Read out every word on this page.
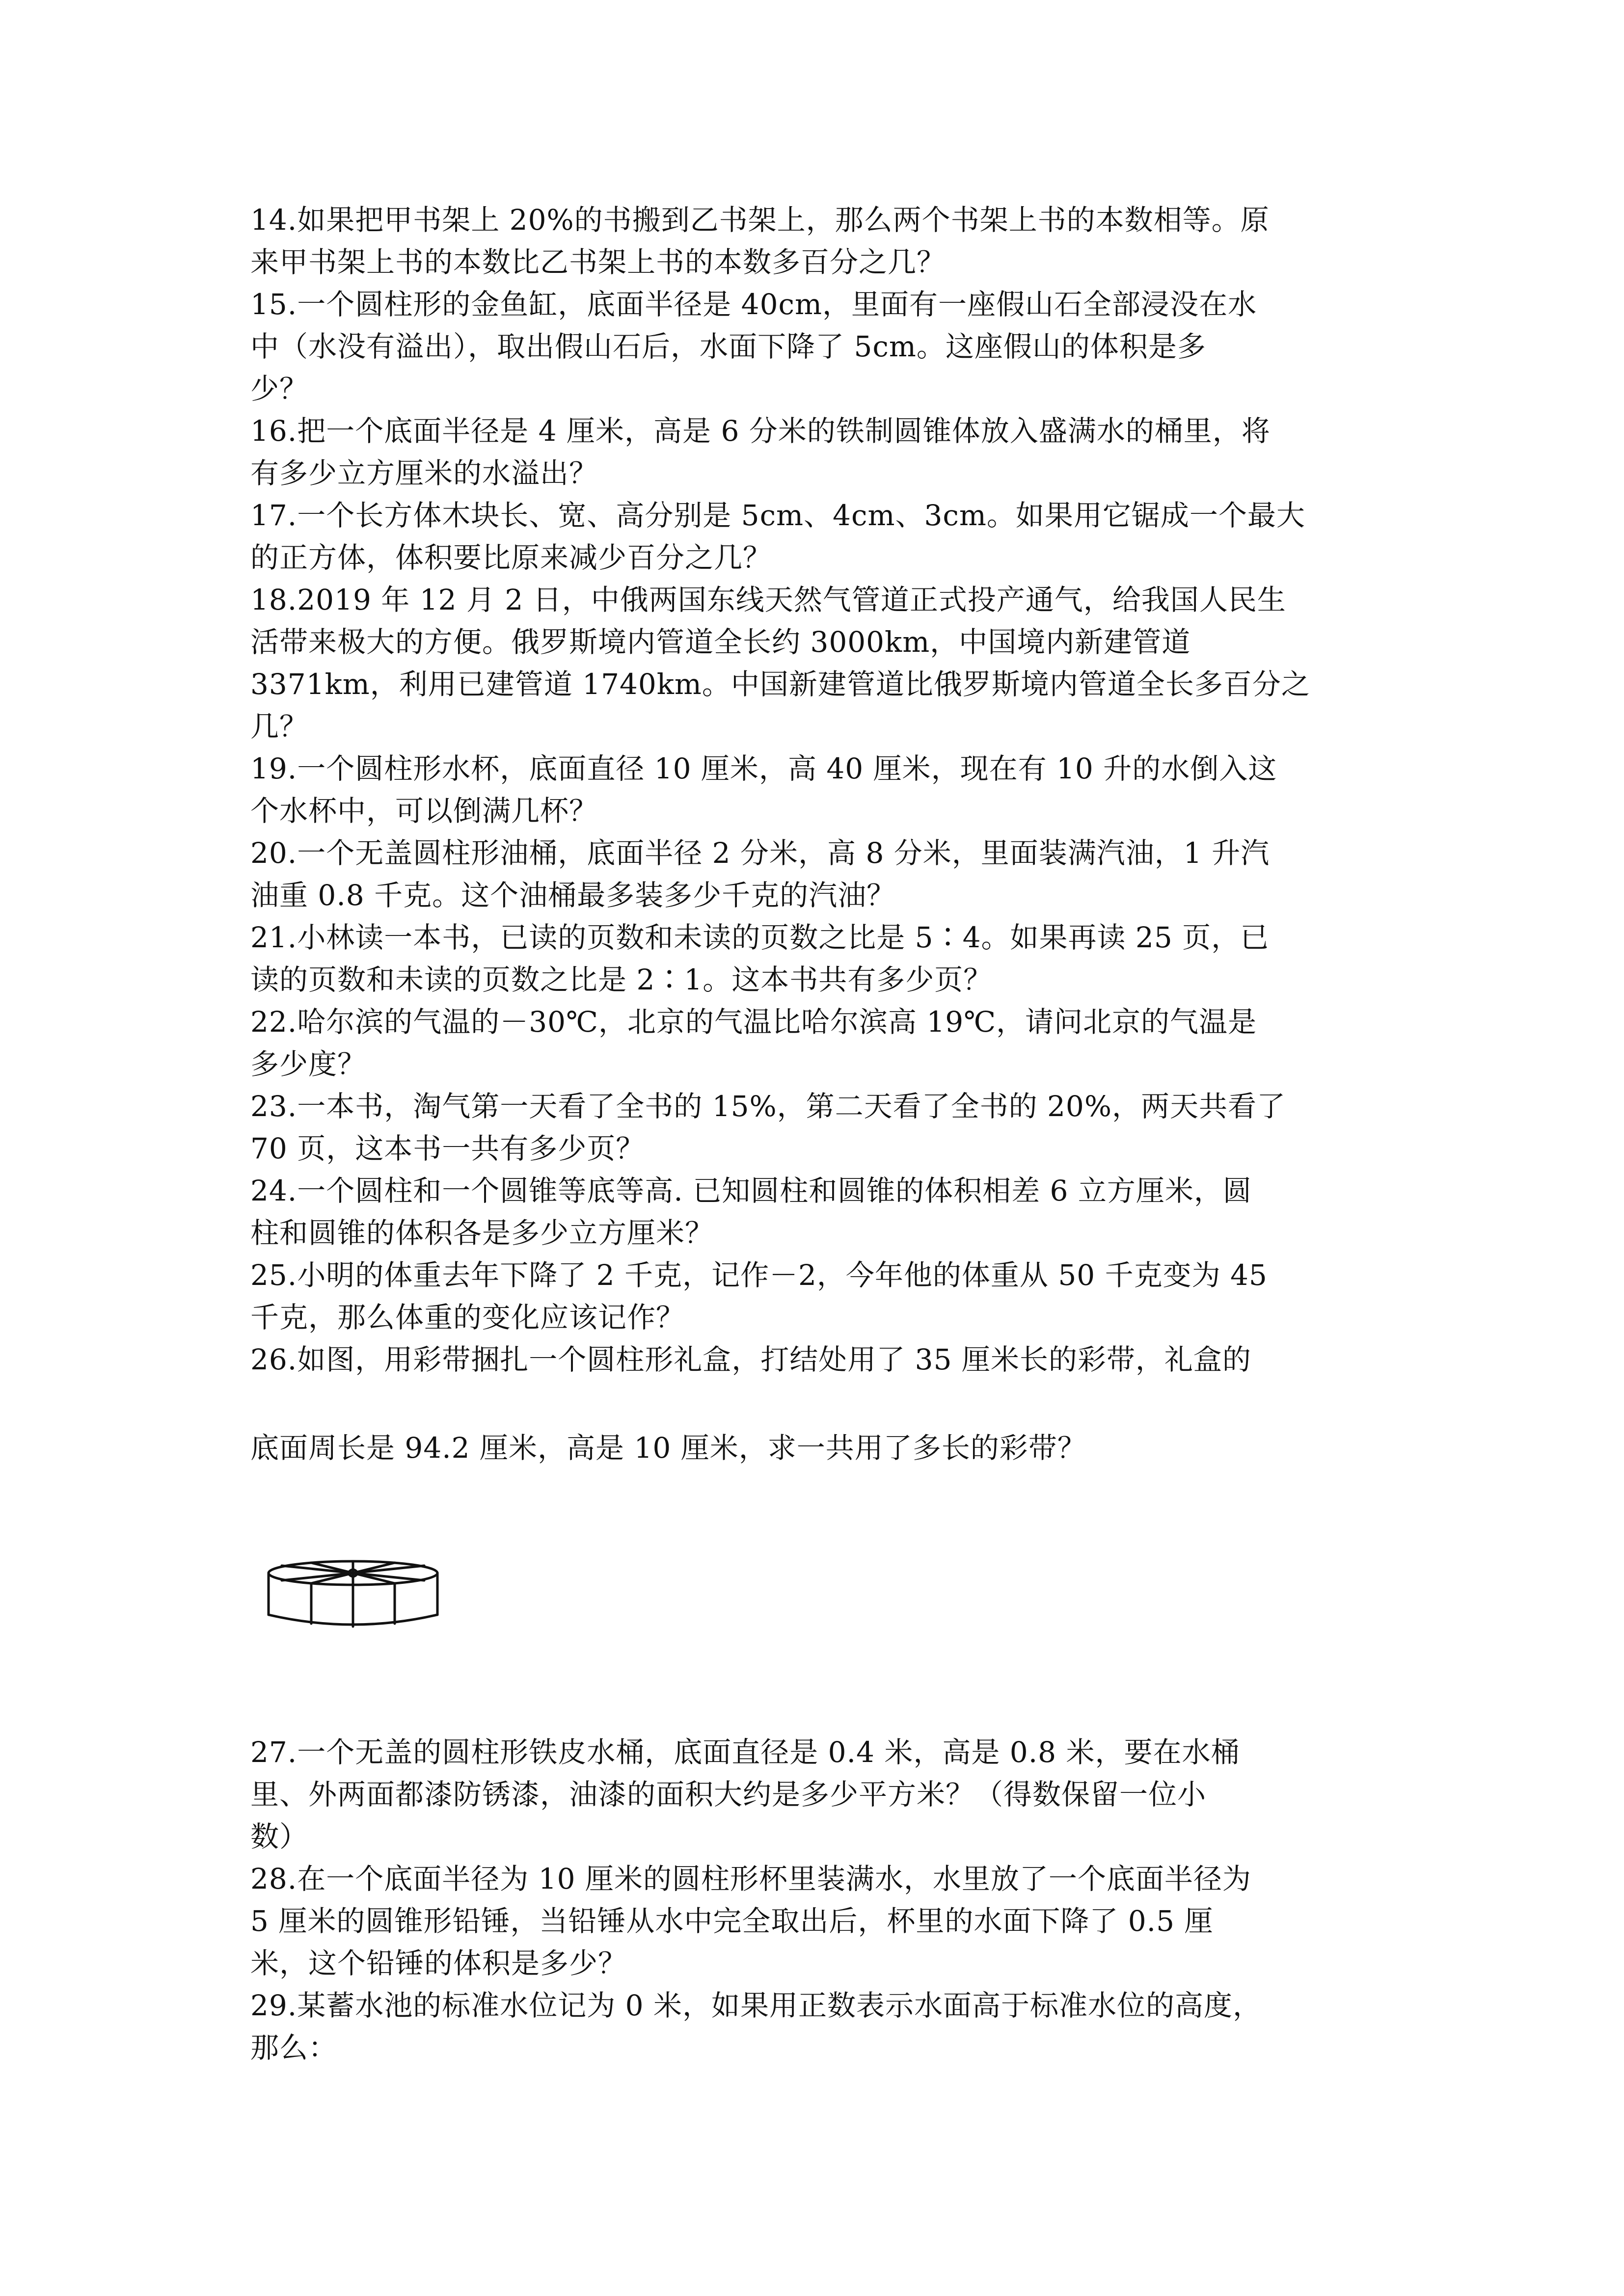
14.如果把甲书架上 20%的书搬到乙书架上，那么两个书架上书的本数相等。原
来甲书架上书的本数比乙书架上书的本数多百分之几？
15.一个圆柱形的金鱼缸，底面半径是 40cm，里面有一座假山石全部浸没在水
中（水没有溢出），取出假山石后，水面下降了 5cm。这座假山的体积是多
少？
16.把一个底面半径是 4 厘米，高是 6 分米的铁制圆锥体放入盛满水的桶里，将
有多少立方厘米的水溢出？
17.一个长方体木块长、宽、高分别是 5cm、4cm、3cm。如果用它锯成一个最大
的正方体，体积要比原来减少百分之几？
18.2019 年 12 月 2 日，中俄两国东线天然气管道正式投产通气，给我国人民生
活带来极大的方便。俄罗斯境内管道全长约 3000km，中国境内新建管道
3371km，利用已建管道 1740km。中国新建管道比俄罗斯境内管道全长多百分之
几？
19.一个圆柱形水杯，底面直径 10 厘米，高 40 厘米，现在有 10 升的水倒入这
个水杯中，可以倒满几杯？
20.一个无盖圆柱形油桶，底面半径 2 分米，高 8 分米，里面装满汽油，1 升汽
油重 0.8 千克。这个油桶最多装多少千克的汽油？
21.小林读一本书，已读的页数和未读的页数之比是 5∶4。如果再读 25 页，已
读的页数和未读的页数之比是 2∶1。这本书共有多少页？
22.哈尔滨的气温的－30℃，北京的气温比哈尔滨高 19℃，请问北京的气温是
多少度？
23.一本书，淘气第一天看了全书的 15%，第二天看了全书的 20%，两天共看了
70 页，这本书一共有多少页？
24.一个圆柱和一个圆锥等底等高. 已知圆柱和圆锥的体积相差 6 立方厘米，圆
柱和圆锥的体积各是多少立方厘米？
25.小明的体重去年下降了 2 千克，记作－2，今年他的体重从 50 千克变为 45
千克，那么体重的变化应该记作？
26.如图，用彩带捆扎一个圆柱形礼盒，打结处用了 35 厘米长的彩带，礼盒的
底面周长是 94.2 厘米，高是 10 厘米，求一共用了多长的彩带？
27.一个无盖的圆柱形铁皮水桶，底面直径是 0.4 米，高是 0.8 米，要在水桶
里、外两面都漆防锈漆，油漆的面积大约是多少平方米？（得数保留一位小
数）
28.在一个底面半径为 10 厘米的圆柱形杯里装满水，水里放了一个底面半径为
5 厘米的圆锥形铅锤，当铅锤从水中完全取出后，杯里的水面下降了 0.5 厘
米，这个铅锤的体积是多少？
29.某蓄水池的标准水位记为 0 米，如果用正数表示水面高于标准水位的高度，
那么：
